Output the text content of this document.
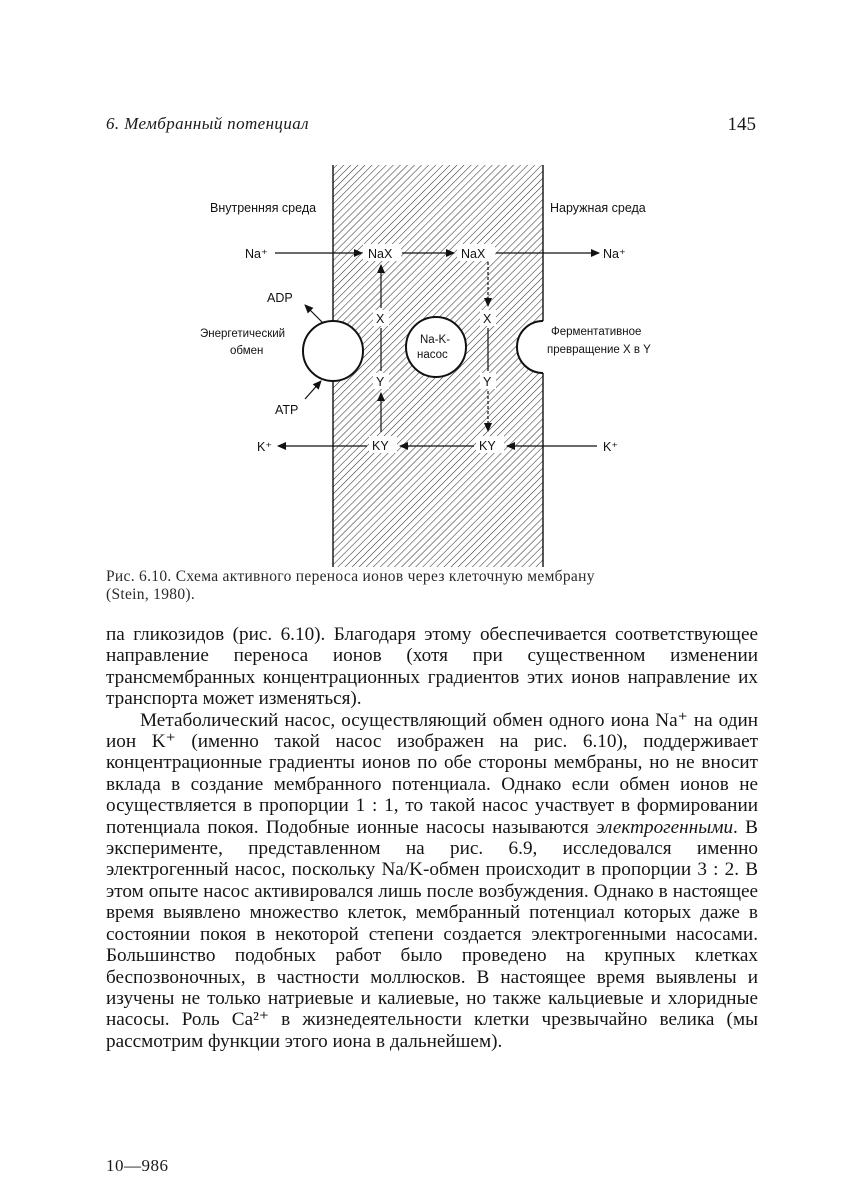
6. Мембранный потенциал	145
Внутренняя среда	Наружная среда
Na⁺	NaX	NaX	Na⁺
X
Y
X
Y
Энергетический
обмен
ADP
ATP
Na-K-
насос
Ферментативное
превращение X в Y
K⁺	KY	KY	K⁺
Рис. 6.10. Схема активного переноса ионов через клеточную мембрану
(Stein, 1980).

па гликозидов (рис. 6.10). Благодаря этому обеспечивается соответствующее направление переноса ионов (хотя при существенном изменении трансмембранных концентрационных градиентов этих ионов направление их транспорта может изменяться).

Метаболический насос, осуществляющий обмен одного иона Na⁺ на один ион K⁺ (именно такой насос изображен на рис. 6.10), поддерживает концентрационные градиенты ионов по обе стороны мембраны, но не вносит вклада в создание мембранного потенциала. Однако если обмен ионов не осуществляется в пропорции 1 : 1, то такой насос участвует в формировании потенциала покоя. Подобные ионные насосы называются электрогенными. В эксперименте, представленном на рис. 6.9, исследовался именно электрогенный насос, поскольку Na/K-обмен происходит в пропорции 3 : 2. В этом опыте насос активировался лишь после возбуждения. Однако в настоящее время выявлено множество клеток, мембранный потенциал которых даже в состоянии покоя в некоторой степени создается электрогенными насосами. Большинство подобных работ было проведено на крупных клетках беспозвоночных, в частности моллюсков. В настоящее время выявлены и изучены не только натриевые и калиевые, но также кальциевые и хлоридные насосы. Роль Ca²⁺ в жизнедеятельности клетки чрезвычайно велика (мы рассмотрим функции этого иона в дальнейшем).

10—986
